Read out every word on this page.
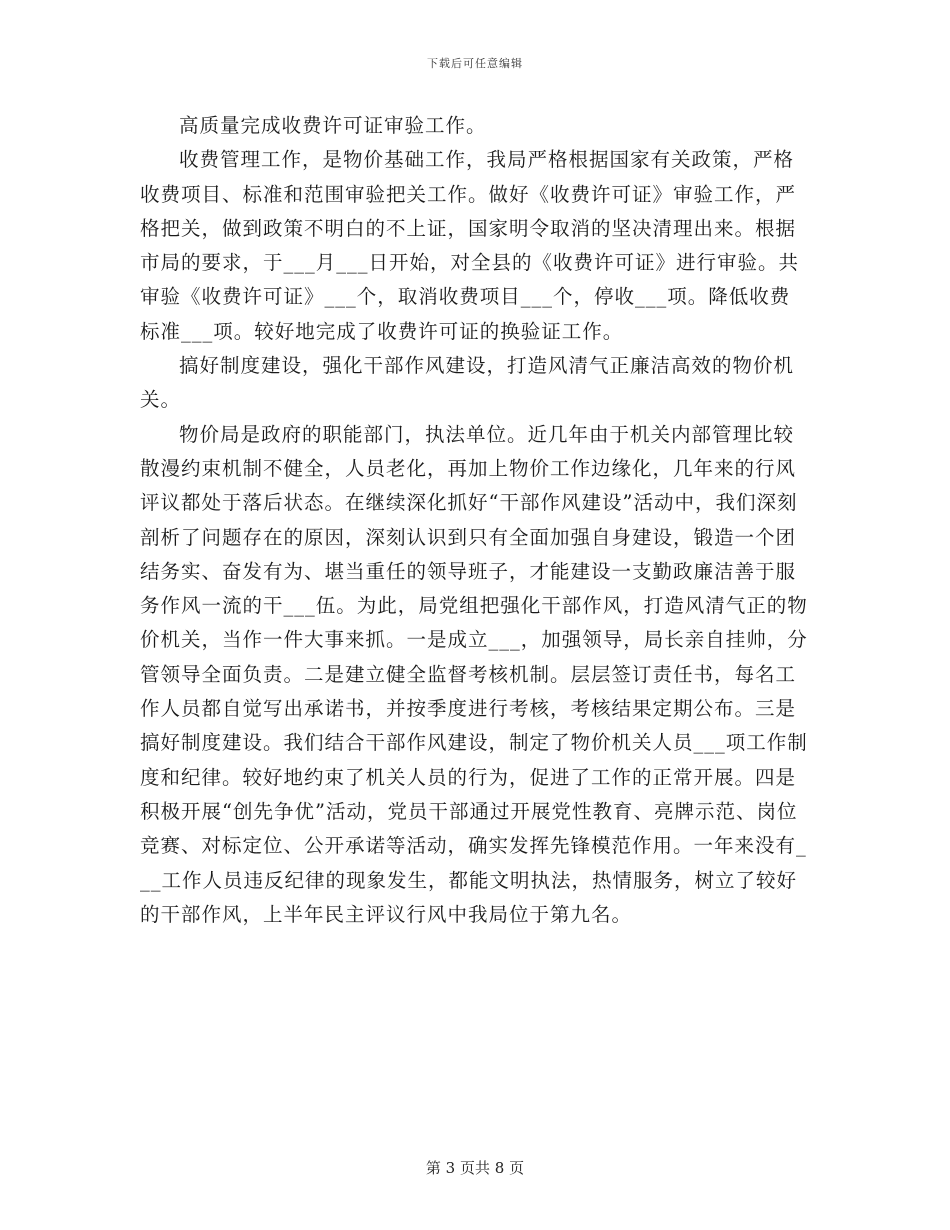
下载后可任意编辑

高质量完成收费许可证审验工作。

收费管理工作，是物价基础工作，我局严格根据国家有关政策，严格收费项目、标准和范围审验把关工作。做好《收费许可证》审验工作，严格把关，做到政策不明白的不上证，国家明令取消的坚决清理出来。根据市局的要求，于___月___日开始，对全县的《收费许可证》进行审验。共审验《收费许可证》___个，取消收费项目___个，停收___项。降低收费标准___项。较好地完成了收费许可证的换验证工作。

搞好制度建设，强化干部作风建设，打造风清气正廉洁高效的物价机关。

物价局是政府的职能部门，执法单位。近几年由于机关内部管理比较散漫约束机制不健全，人员老化，再加上物价工作边缘化，几年来的行风评议都处于落后状态。在继续深化抓好“干部作风建设”活动中，我们深刻剖析了问题存在的原因，深刻认识到只有全面加强自身建设，锻造一个团结务实、奋发有为、堪当重任的领导班子，才能建设一支勤政廉洁善于服务作风一流的干___伍。为此，局党组把强化干部作风，打造风清气正的物价机关，当作一件大事来抓。一是成立___，加强领导，局长亲自挂帅，分管领导全面负责。二是建立健全监督考核机制。层层签订责任书，每名工作人员都自觉写出承诺书，并按季度进行考核，考核结果定期公布。三是搞好制度建设。我们结合干部作风建设，制定了物价机关人员___项工作制度和纪律。较好地约束了机关人员的行为，促进了工作的正常开展。四是积极开展“创先争优”活动，党员干部通过开展党性教育、亮牌示范、岗位竞赛、对标定位、公开承诺等活动，确实发挥先锋模范作用。一年来没有___工作人员违反纪律的现象发生，都能文明执法，热情服务，树立了较好的干部作风，上半年民主评议行风中我局位于第九名。

第 3 页共 8 页
